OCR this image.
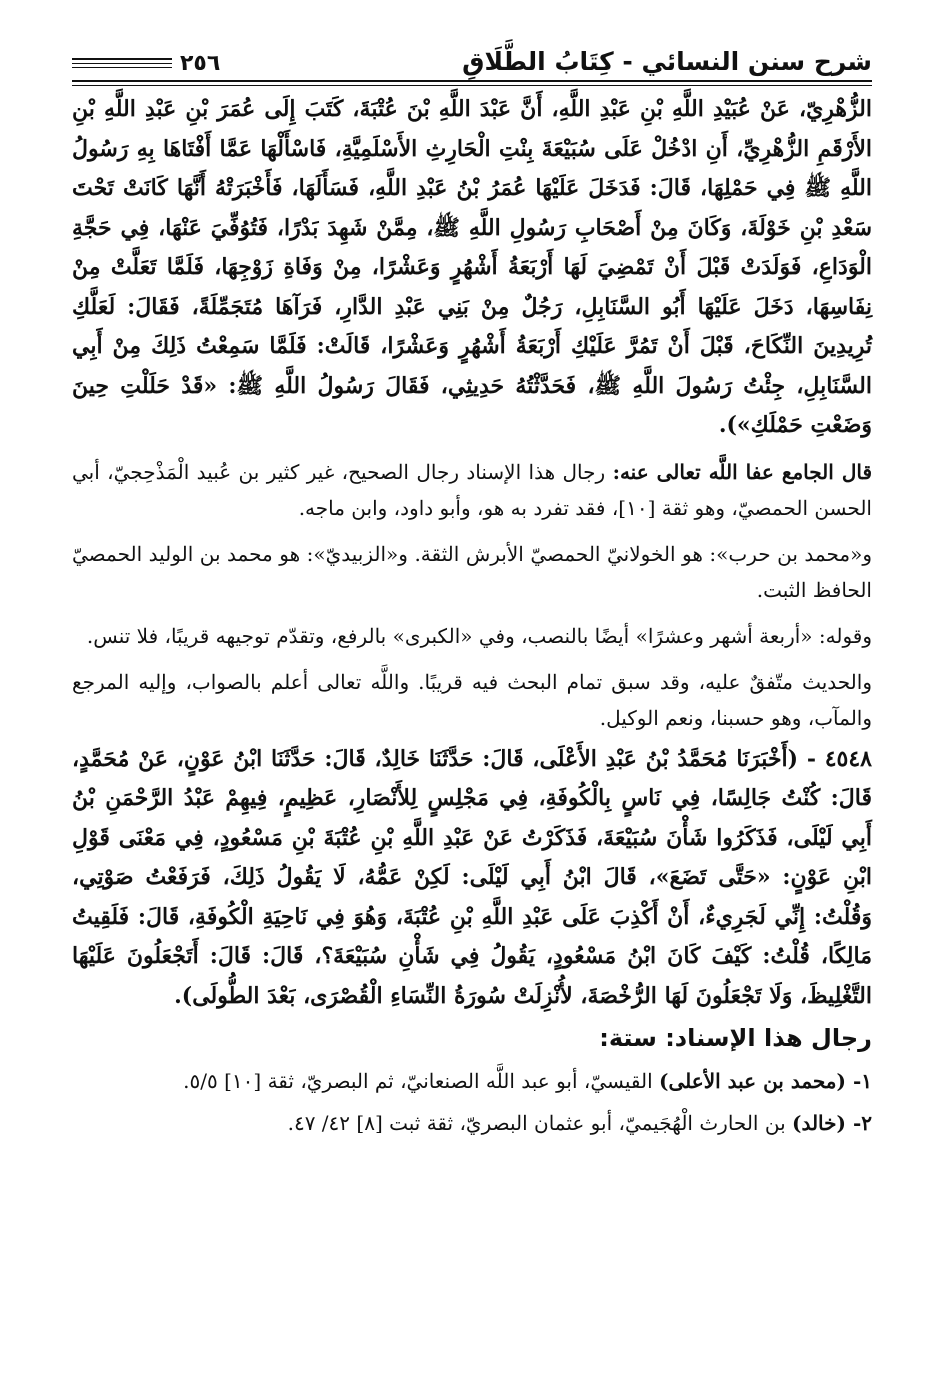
شرح سنن النسائي - كِتَابُ الطَّلَاقِ
٢٥٦

الزُّهْرِيّ، عَنْ عُبَيْدِ اللَّهِ بْنِ عَبْدِ اللَّهِ، أَنَّ عَبْدَ اللَّهِ بْنَ عُتْبَةَ، كَتَبَ إِلَى عُمَرَ بْنِ عَبْدِ اللَّهِ بْنِ الأَرْقَمِ الزُّهْرِيِّ، أَنِ ادْخُلْ عَلَى سُبَيْعَةَ بِنْتِ الْحَارِثِ الأَسْلَمِيَّةِ، فَاسْأَلْهَا عَمَّا أَفْتَاهَا بِهِ رَسُولُ اللَّهِ ﷺ فِي حَمْلِهَا، قَالَ: فَدَخَلَ عَلَيْهَا عُمَرُ بْنُ عَبْدِ اللَّهِ، فَسَأَلَهَا، فَأَخْبَرَتْهُ أَنَّهَا كَانَتْ تَحْتَ سَعْدِ بْنِ خَوْلَةَ، وَكَانَ مِنْ أَصْحَابِ رَسُولِ اللَّهِ ﷺ، مِمَّنْ شَهِدَ بَدْرًا، فَتُوُفِّيَ عَنْهَا، فِي حَجَّةِ الْوَدَاعِ، فَوَلَدَتْ قَبْلَ أَنْ تَمْضِيَ لَهَا أَرْبَعَةُ أَشْهُرٍ وَعَشْرًا، مِنْ وَفَاةِ زَوْجِهَا، فَلَمَّا تَعَلَّتْ مِنْ نِفَاسِهَا، دَخَلَ عَلَيْهَا أَبُو السَّنَابِلِ، رَجُلٌ مِنْ بَنِي عَبْدِ الدَّارِ، فَرَآهَا مُتَجَمِّلَةً، فَقَالَ: لَعَلَّكِ تُرِيدِينَ النِّكَاحَ، قَبْلَ أَنْ تَمُرَّ عَلَيْكِ أَرْبَعَةُ أَشْهُرٍ وَعَشْرًا، قَالَتْ: فَلَمَّا سَمِعْتُ ذَلِكَ مِنْ أَبِي السَّنَابِلِ، جِئْتُ رَسُولَ اللَّهِ ﷺ، فَحَدَّثْتُهُ حَدِيثِي، فَقَالَ رَسُولُ اللَّهِ ﷺ: «قَدْ حَلَلْتِ حِينَ وَضَعْتِ حَمْلَكِ»).

قال الجامع عفا اللَّه تعالى عنه: رجال هذا الإسناد رجال الصحيح، غير كثير بن عُبيد الْمَذْحِجيّ، أبي الحسن الحمصيّ، وهو ثقة [١٠]، فقد تفرد به هو، وأبو داود، وابن ماجه.

و«محمد بن حرب»: هو الخولانيّ الحمصيّ الأبرش الثقة. و«الزبيديّ»: هو محمد بن الوليد الحمصيّ الحافظ الثبت.

وقوله: «أربعة أشهر وعشرًا» أيضًا بالنصب، وفي «الكبرى» بالرفع، وتقدّم توجيهه قريبًا، فلا تنس.

والحديث متّفقٌ عليه، وقد سبق تمام البحث فيه قريبًا. واللَّه تعالى أعلم بالصواب، وإليه المرجع والمآب، وهو حسبنا، ونعم الوكيل.

٤٥٤٨ - (أَخْبَرَنَا مُحَمَّدُ بْنُ عَبْدِ الأَعْلَى، قَالَ: حَدَّثَنَا خَالِدٌ، قَالَ: حَدَّثَنَا ابْنُ عَوْنٍ، عَنْ مُحَمَّدٍ، قَالَ: كُنْتُ جَالِسًا، فِي نَاسٍ بِالْكُوفَةِ، فِي مَجْلِسٍ لِلأَنْصَارِ، عَظِيمٍ، فِيهِمْ عَبْدُ الرَّحْمَنِ بْنُ أَبِي لَيْلَى، فَذَكَرُوا شَأْنَ سُبَيْعَةَ، فَذَكَرْتُ عَنْ عَبْدِ اللَّهِ بْنِ عُتْبَةَ بْنِ مَسْعُودٍ، فِي مَعْنَى قَوْلِ ابْنِ عَوْنٍ: «حَتَّى تَضَعَ»، قَالَ ابْنُ أَبِي لَيْلَى: لَكِنْ عَمُّهُ، لَا يَقُولُ ذَلِكَ، فَرَفَعْتُ صَوْتِي، وَقُلْتُ: إِنِّي لَجَرِيءٌ، أَنْ أَكْذِبَ عَلَى عَبْدِ اللَّهِ بْنِ عُتْبَةَ، وَهُوَ فِي نَاحِيَةِ الْكُوفَةِ، قَالَ: فَلَقِيتُ مَالِكًا، قُلْتُ: كَيْفَ كَانَ ابْنُ مَسْعُودٍ، يَقُولُ فِي شَأْنِ سُبَيْعَةَ؟، قَالَ: قَالَ: أَتَجْعَلُونَ عَلَيْهَا التَّغْلِيظَ، وَلَا تَجْعَلُونَ لَهَا الرُّخْصَةَ، لأُنْزِلَتْ سُورَةُ النِّسَاءِ الْقُصْرَى، بَعْدَ الطُّولَى).

رجال هذا الإسناد: ستة:

١- (محمد بن عبد الأعلى) القيسيّ، أبو عبد اللَّه الصنعانيّ، ثم البصريّ، ثقة [١٠] ٥/٥.

٢- (خالد) بن الحارث الْهُجَيميّ، أبو عثمان البصريّ، ثقة ثبت [٨] ٤٢/ ٤٧.
